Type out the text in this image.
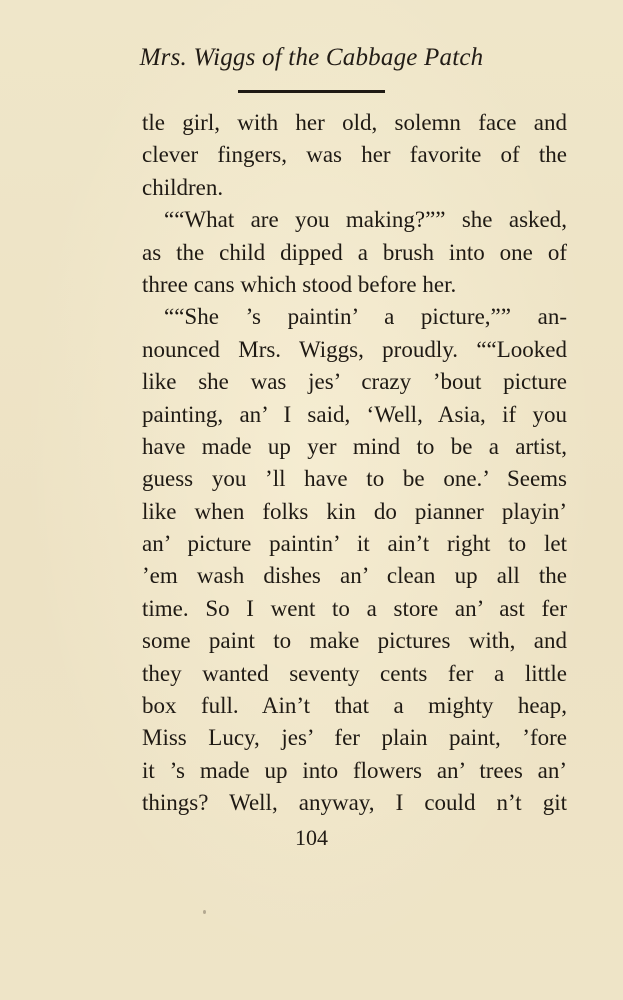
Mrs. Wiggs of the Cabbage Patch
tle girl, with her old, solemn face and
clever fingers, was her favorite of the
children.
““What are you making?”” she asked,
as the child dipped a brush into one of
three cans which stood before her.
““She ’s paintin’ a picture,”” an-
nounced Mrs. Wiggs, proudly. ““Looked
like she was jes’ crazy ’bout picture
painting, an’ I said, ‘Well, Asia, if you
have made up yer mind to be a artist,
guess you ’ll have to be one.’ Seems
like when folks kin do pianner playin’
an’ picture paintin’ it ain’t right to let
’em wash dishes an’ clean up all the
time. So I went to a store an’ ast fer
some paint to make pictures with, and
they wanted seventy cents fer a little
box full. Ain’t that a mighty heap,
Miss Lucy, jes’ fer plain paint, ’fore
it ’s made up into flowers an’ trees an’
things? Well, anyway, I could n’t git
104
